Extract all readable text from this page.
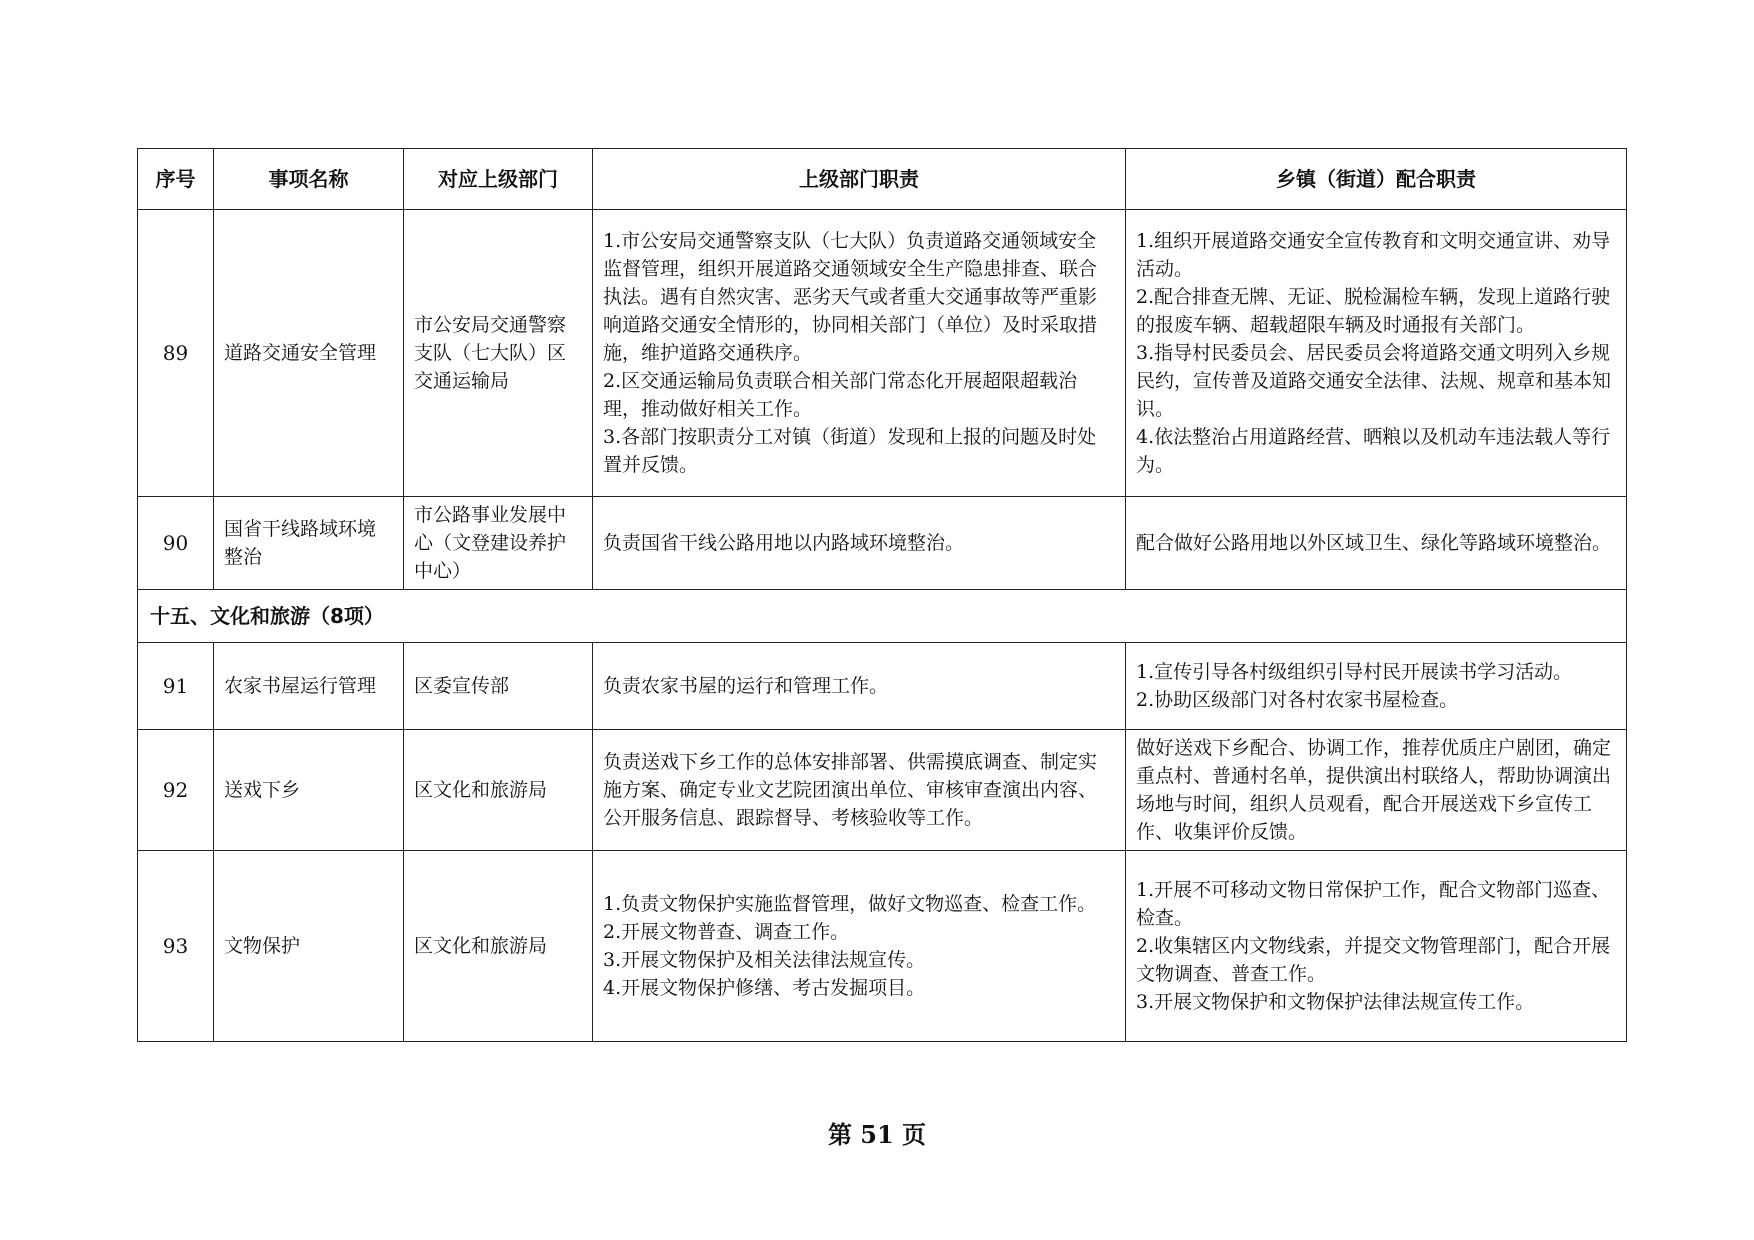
序号	事项名称	对应上级部门	上级部门职责	乡镇（街道）配合职责
89	道路交通安全管理	市公安局交通警察支队（七大队）区交通运输局	1.市公安局交通警察支队（七大队）负责道路交通领域安全监督管理，组织开展道路交通领域安全生产隐患排查、联合执法。遇有自然灾害、恶劣天气或者重大交通事故等严重影响道路交通安全情形的，协同相关部门（单位）及时采取措施，维护道路交通秩序。
2.区交通运输局负责联合相关部门常态化开展超限超载治理，推动做好相关工作。
3.各部门按职责分工对镇（街道）发现和上报的问题及时处置并反馈。	1.组织开展道路交通安全宣传教育和文明交通宣讲、劝导活动。
2.配合排查无牌、无证、脱检漏检车辆，发现上道路行驶的报废车辆、超载超限车辆及时通报有关部门。
3.指导村民委员会、居民委员会将道路交通文明列入乡规民约，宣传普及道路交通安全法律、法规、规章和基本知识。
4.依法整治占用道路经营、晒粮以及机动车违法载人等行为。

90	国省干线路域环境整治	市公路事业发展中心（文登建设养护中心）	负责国省干线公路用地以内路域环境整治。	配合做好公路用地以外区域卫生、绿化等路域环境整治。

十五、文化和旅游（8项）				
91	农家书屋运行管理	区委宣传部	负责农家书屋的运行和管理工作。	1.宣传引导各村级组织引导村民开展读书学习活动。
2.协助区级部门对各村农家书屋检查。

92	送戏下乡	区文化和旅游局	负责送戏下乡工作的总体安排部署、供需摸底调查、制定实施方案、确定专业文艺院团演出单位、审核审查演出内容、公开服务信息、跟踪督导、考核验收等工作。	做好送戏下乡配合、协调工作，推荐优质庄户剧团，确定重点村、普通村名单，提供演出村联络人，帮助协调演出场地与时间，组织人员观看，配合开展送戏下乡宣传工作、收集评价反馈。

93	文物保护	区文化和旅游局	1.负责文物保护实施监督管理，做好文物巡查、检查工作。
2.开展文物普查、调查工作。
3.开展文物保护及相关法律法规宣传。
4.开展文物保护修缮、考古发掘项目。	1.开展不可移动文物日常保护工作，配合文物部门巡查、检查。
2.收集辖区内文物线索，并提交文物管理部门，配合开展文物调查、普查工作。
3.开展文物保护和文物保护法律法规宣传工作。
第 51 页
